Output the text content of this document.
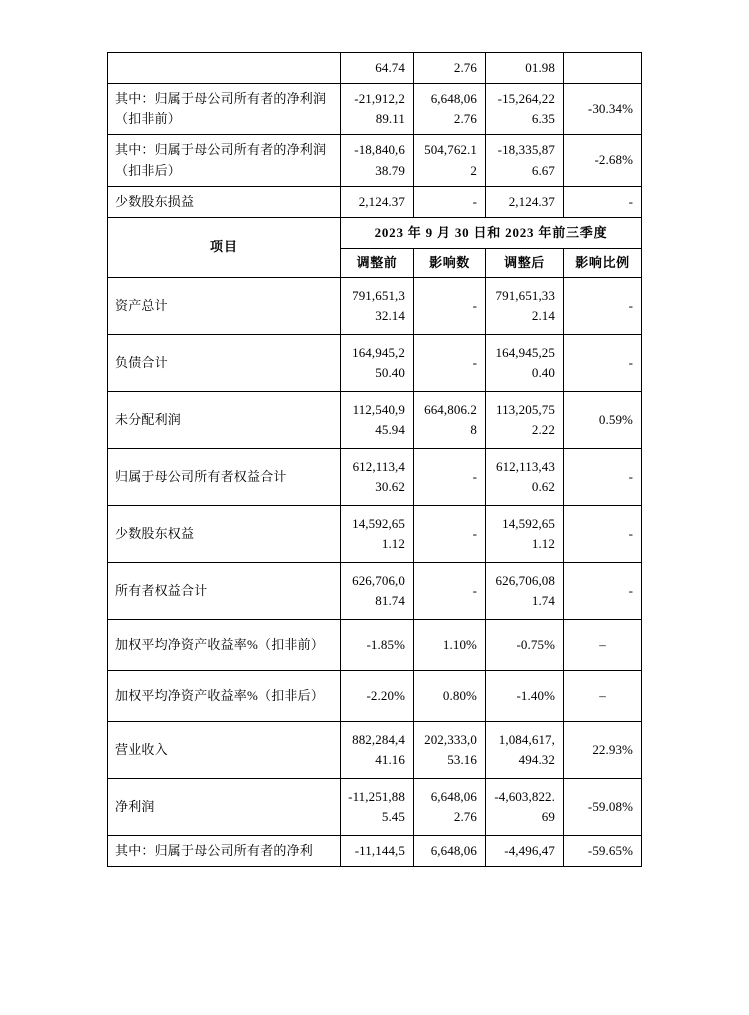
	64.74	2.76	01.98	

其中：归属于母公司所有者的净利润（扣非前）	-21,912,289.11	6,648,062.76	-15,264,226.35	-30.34%

其中：归属于母公司所有者的净利润（扣非后）	-18,840,638.79	504,762.12	-18,335,876.67	-2.68%

少数股东损益	2,124.37	-	2,124.37	-

项目	2023 年 9 月 30 日和 2023 年前三季度			

	调整前	影响数	调整后	影响比例

资产总计	791,651,332.14	-	791,651,332.14	-

负债合计	164,945,250.40	-	164,945,250.40	-

未分配利润	112,540,945.94	664,806.28	113,205,752.22	0.59%

归属于母公司所有者权益合计	612,113,430.62	-	612,113,430.62	-

少数股东权益	14,592,651.12	-	14,592,651.12	-

所有者权益合计	626,706,081.74	-	626,706,081.74	-

加权平均净资产收益率%（扣非前）	-1.85%	1.10%	-0.75%	–

加权平均净资产收益率%（扣非后）	-2.20%	0.80%	-1.40%	–

营业收入	882,284,441.16	202,333,053.16	1,084,617,494.32	22.93%

净利润	-11,251,885.45	6,648,062.76	-4,603,822.69	-59.08%

其中：归属于母公司所有者的净利	-11,144,5	6,648,06	-4,496,47	-59.65%
